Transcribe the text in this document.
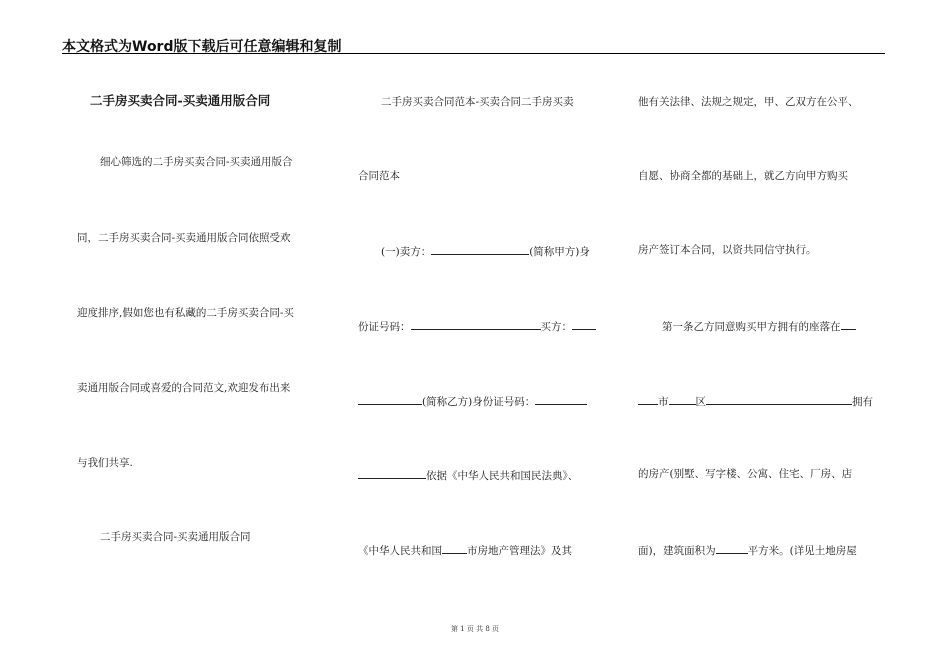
本文格式为Word版下载后可任意编辑和复制
二手房买卖合同-买卖通用版合同
细心筛选的二手房买卖合同-买卖通用版合
同，二手房买卖合同-买卖通用版合同依照受欢
迎度排序,假如您也有私藏的二手房买卖合同-买
卖通用版合同或喜爱的合同范文,欢迎发布出来
与我们共享.
二手房买卖合同-买卖通用版合同
二手房买卖合同范本-买卖合同二手房买卖
合同范本
(一)卖方：	(简称甲方)身
份证号码：	买方：
(简称乙方)身份证号码：
依据《中华人民共和国民法典》、
《中华人民共和国 市房地产管理法》及其
他有关法律、法规之规定，甲、乙双方在公平、
自愿、协商全都的基础上，就乙方向甲方购买
房产签订本合同，以资共同信守执行。
第一条乙方同意购买甲方拥有的座落在
市	区	拥有
的房产(别墅、写字楼、公寓、住宅、厂房、店
面)，建筑面积为	平方米。(详见土地房屋
第 1 页 共 8 页
